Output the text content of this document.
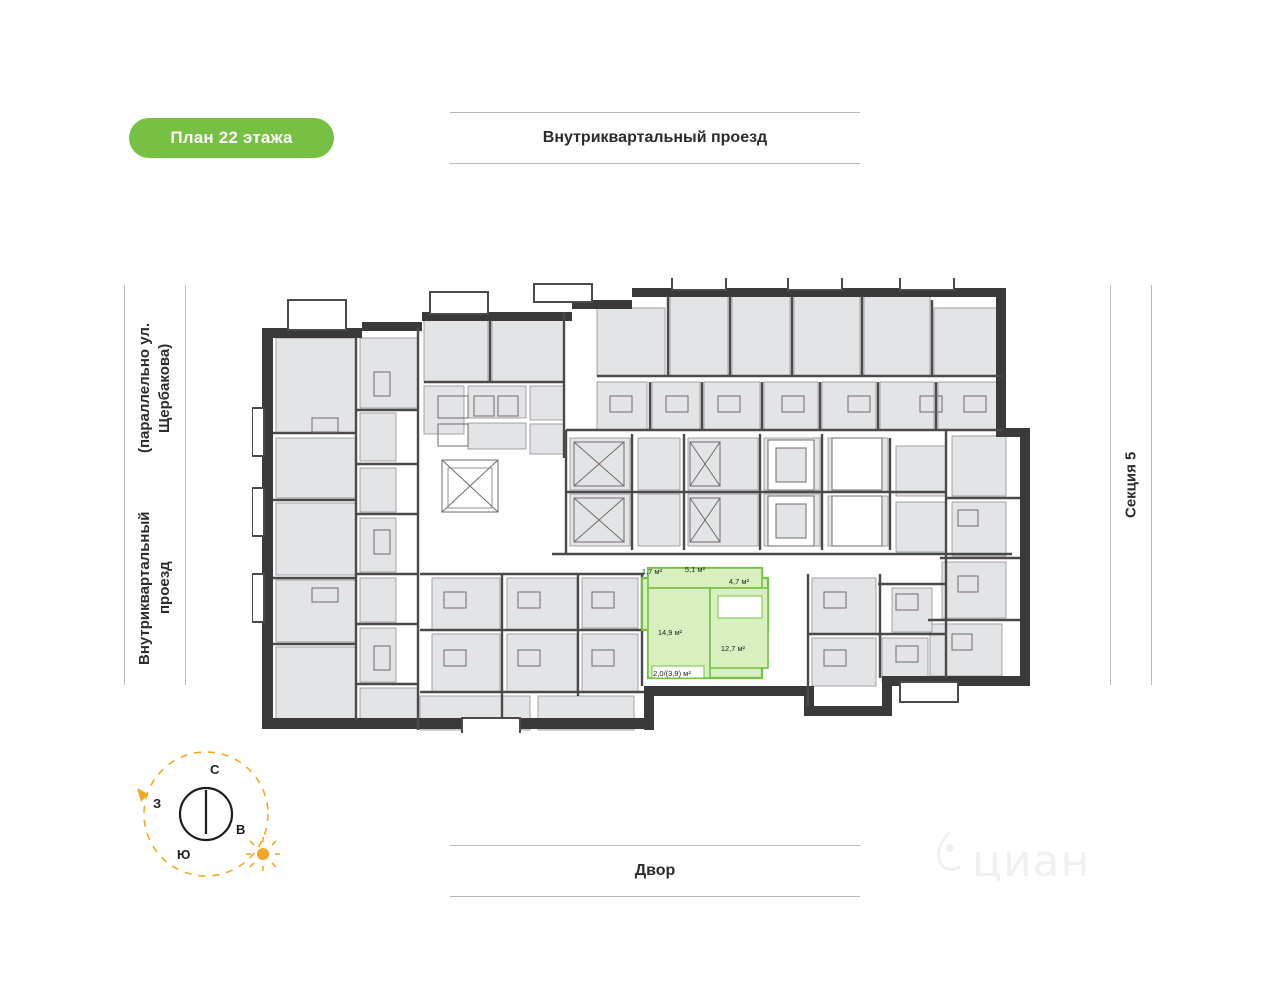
План 22 этажа	Внутриквартальный проезд
Внутриквартальный проезд

(параллельно ул. Щербакова)
Секция 5
Двор
С
З
В
Ю
1,7 м²	5,1 м²
4,7 м²
14,9 м²
12,7 м²
2,0/(3,9) м²
циан
